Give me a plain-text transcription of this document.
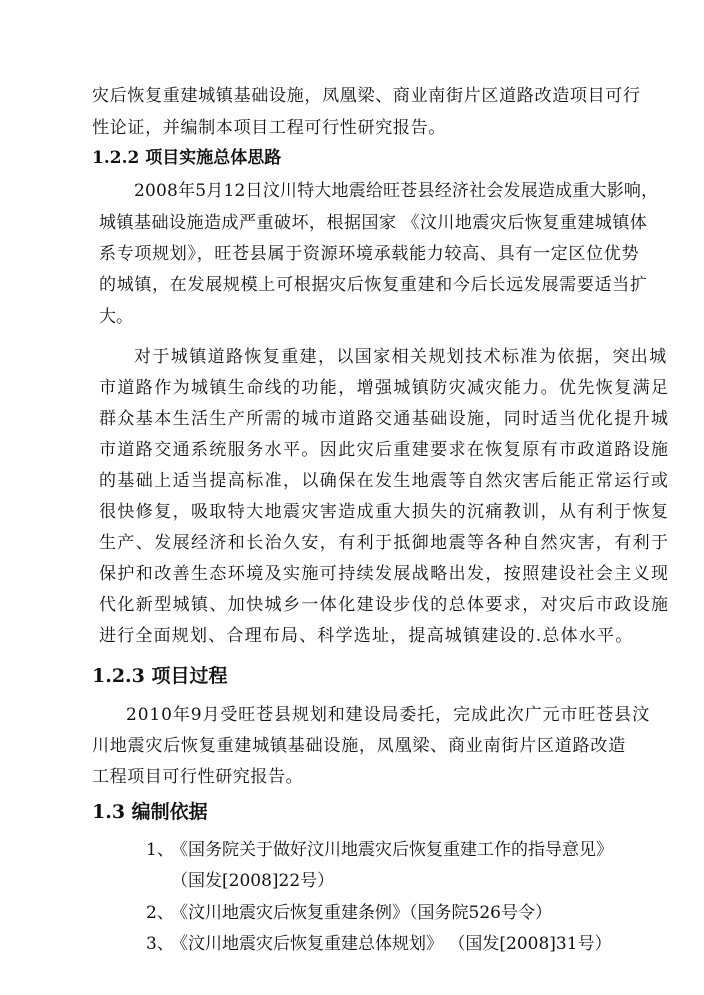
灾后恢复重建城镇基础设施，凤凰梁、商业南街片区道路改造项目可行
性论证，并编制本项目工程可行性研究报告。
1.2.2 项目实施总体思路
2008年5月12日汶川特大地震给旺苍县经济社会发展造成重大影响，
城镇基础设施造成严重破坏，根据国家 《汶川地震灾后恢复重建城镇体
系专项规划》，旺苍县属于资源环境承载能力较高、具有一定区位优势
的城镇，在发展规模上可根据灾后恢复重建和今后长远发展需要适当扩
大。
对于城镇道路恢复重建，以国家相关规划技术标准为依据，突出城
市道路作为城镇生命线的功能，增强城镇防灾减灾能力。优先恢复满足
群众基本生活生产所需的城市道路交通基础设施，同时适当优化提升城
市道路交通系统服务水平。因此灾后重建要求在恢复原有市政道路设施
的基础上适当提高标准，以确保在发生地震等自然灾害后能正常运行或
很快修复，吸取特大地震灾害造成重大损失的沉痛教训，从有利于恢复
生产、发展经济和长治久安，有利于抵御地震等各种自然灾害，有利于
保护和改善生态环境及实施可持续发展战略出发，按照建设社会主义现
代化新型城镇、加快城乡一体化建设步伐的总体要求，对灾后市政设施
进行全面规划、合理布局、科学选址，提高城镇建设的.总体水平。
1.2.3 项目过程
2010年9月受旺苍县规划和建设局委托，完成此次广元市旺苍县汶
川地震灾后恢复重建城镇基础设施，凤凰梁、商业南街片区道路改造
工程项目可行性研究报告。
1.3 编制依据
1、
《国务院关于做好汶川地震灾后恢复重建工作的指导意见》
（国发[2008]22号）
2、
《汶川地震灾后恢复重建条例》（国务院526号令）
3、
《汶川地震灾后恢复重建总体规划》 （国发[2008]31号）
